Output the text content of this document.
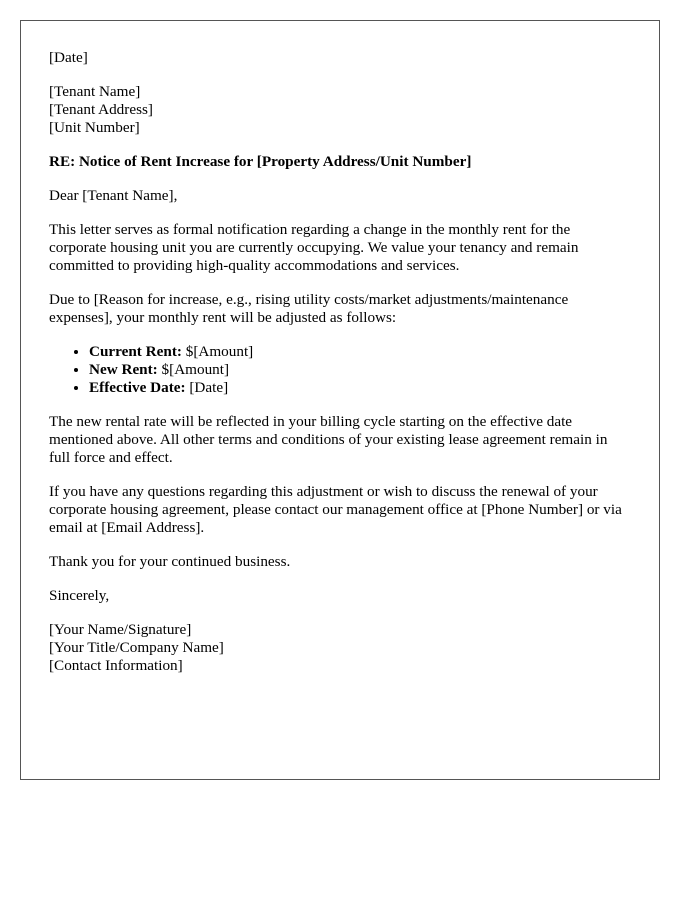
[Date]
[Tenant Name]
[Tenant Address]
[Unit Number]

RE: Notice of Rent Increase for [Property Address/Unit Number]

Dear [Tenant Name],

This letter serves as formal notification regarding a change in the monthly rent for the corporate housing unit you are currently occupying. We value your tenancy and remain committed to providing high-quality accommodations and services.

Due to [Reason for increase, e.g., rising utility costs/market adjustments/maintenance expenses], your monthly rent will be adjusted as follows:

• Current Rent: $[Amount]
• New Rent: $[Amount]
• Effective Date: [Date]

The new rental rate will be reflected in your billing cycle starting on the effective date mentioned above. All other terms and conditions of your existing lease agreement remain in full force and effect.

If you have any questions regarding this adjustment or wish to discuss the renewal of your corporate housing agreement, please contact our management office at [Phone Number] or via email at [Email Address].

Thank you for your continued business.

Sincerely,

[Your Name/Signature]
[Your Title/Company Name]
[Contact Information]
